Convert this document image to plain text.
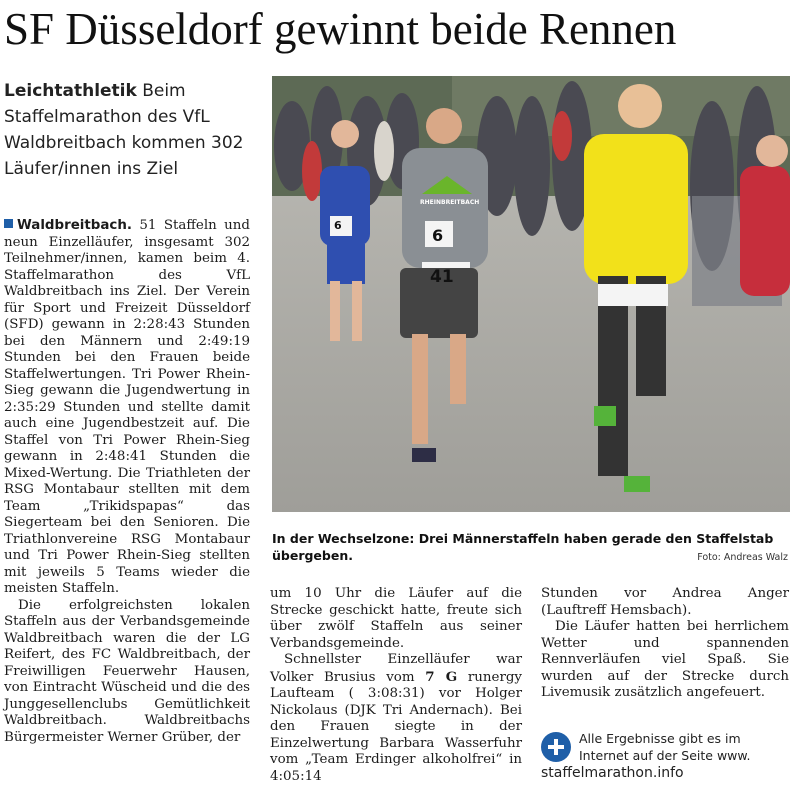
SF Düsseldorf gewinnt beide Rennen
Leichtathletik Beim Staffelmarathon des VfL Waldbreitbach kommen 302 Läufer/innen ins Ziel

Waldbreitbach. 51 Staffeln und neun Einzelläufer, insgesamt 302 Teilnehmer/innen, kamen beim 4. Staffelmarathon des VfL Waldbreitbach ins Ziel. Der Verein für Sport und Freizeit Düsseldorf (SFD) gewann in 2:28:43 Stunden bei den Männern und 2:49:19 Stunden bei den Frauen beide Staffelwertungen. Tri Power Rhein-Sieg gewann die Jugendwertung in 2:35:29 Stunden und stellte damit auch eine Jugendbestzeit auf. Die Staffel von Tri Power Rhein-Sieg gewann in 2:48:41 Stunden die Mixed-Wertung. Die Triathleten der RSG Montabaur stellten mit dem Team „Trikidspapas“ das Siegerteam bei den Senioren. Die Triathlonvereine RSG Montabaur und Tri Power Rhein-Sieg stellten mit jeweils 5 Teams wieder die meisten Staffeln.

Die erfolgreichsten lokalen Staffeln aus der Verbandsgemeinde Waldbreitbach waren die der LG Reifert, des FC Waldbreitbach, der Freiwilligen Feuerwehr Hausen, von Eintracht Wüscheid und die des Junggesellenclubs Gemütlichkeit Waldbreitbach. Waldbreitbachs Bürgermeister Werner Grüber, der

6
41
6
RHEINBREITBACH
In der Wechselzone: Drei Männerstaffeln haben gerade den Staffelstab übergeben.	Foto: Andreas Walz

um 10 Uhr die Läufer auf die Strecke geschickt hatte, freute sich über zwölf Staffeln aus seiner Verbandsgemeinde.

Schnellster Einzelläufer war Volker Brusius vom 7 G runergy Laufteam ( 3:08:31) vor Holger Nickolaus (DJK Tri Andernach). Bei den Frauen siegte in der Einzelwertung Barbara Wasserfuhr vom „Team Erdinger alkoholfrei“ in 4:05:14

Stunden vor Andrea Anger (Lauftreff Hemsbach).

Die Läufer hatten bei herrlichem Wetter und spannenden Rennverläufen viel Spaß. Sie wurden auf der Strecke durch Livemusik zusätzlich angefeuert.

Alle Ergebnisse gibt es im Internet auf der Seite www.
staffelmarathon.info
